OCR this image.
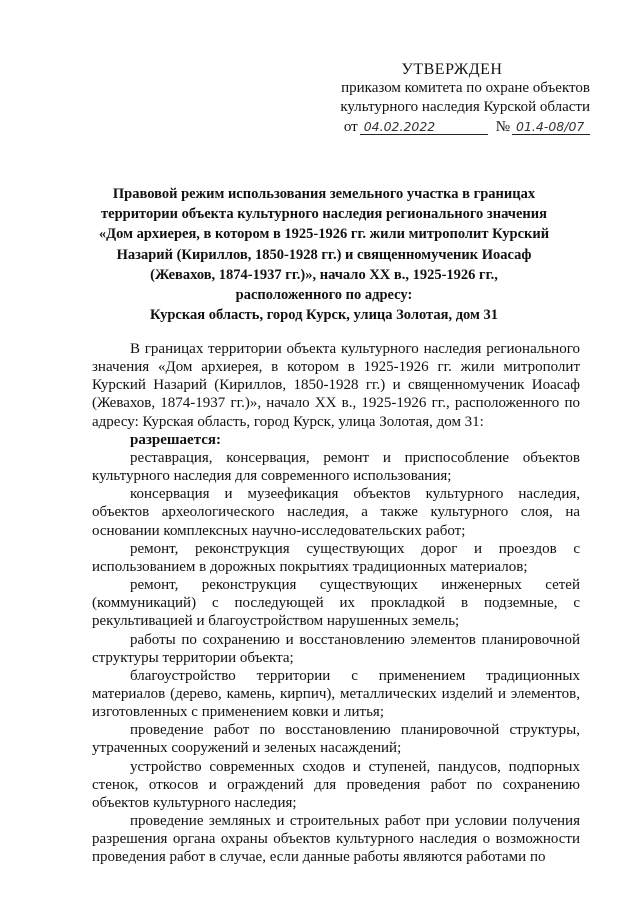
УТВЕРЖДЕН
приказом комитета по охране объектов
культурного наследия Курской области
от 04.02.2022	№ 01.4-08/07
Правовой режим использования земельного участка в границах
территории объекта культурного наследия регионального значения
«Дом архиерея, в котором в 1925-1926 гг. жили митрополит Курский
Назарий (Кириллов, 1850-1928 гг.) и священномученик Иоасаф
(Жевахов, 1874-1937 гг.)», начало XX в., 1925-1926 гг.,
расположенного по адресу:
Курская область, город Курск, улица Золотая, дом 31

В границах территории объекта культурного наследия регионального значения «Дом архиерея, в котором в 1925-1926 гг. жили митрополит Курский Назарий (Кириллов, 1850-1928 гг.) и священномученик Иоасаф (Жевахов, 1874-1937 гг.)», начало XX в., 1925-1926 гг., расположенного по адресу: Курская область, город Курск, улица Золотая, дом 31:

разрешается:

реставрация, консервация, ремонт и приспособление объектов культурного наследия для современного использования;

консервация и музеефикация объектов культурного наследия, объектов археологического наследия, а также культурного слоя, на основании комплексных научно-исследовательских работ;

ремонт, реконструкция существующих дорог и проездов с использованием в дорожных покрытиях традиционных материалов;

ремонт, реконструкция существующих инженерных сетей (коммуникаций) с последующей их прокладкой в подземные, с рекультивацией и благоустройством нарушенных земель;

работы по сохранению и восстановлению элементов планировочной структуры территории объекта;

благоустройство территории с применением традиционных материалов (дерево, камень, кирпич), металлических изделий и элементов, изготовленных с применением ковки и литья;

проведение работ по восстановлению планировочной структуры, утраченных сооружений и зеленых насаждений;

устройство современных сходов и ступеней, пандусов, подпорных стенок, откосов и ограждений для проведения работ по сохранению объектов культурного наследия;

проведение земляных и строительных работ при условии получения разрешения органа охраны объектов культурного наследия о возможности проведения работ в случае, если данные работы являются работами по
